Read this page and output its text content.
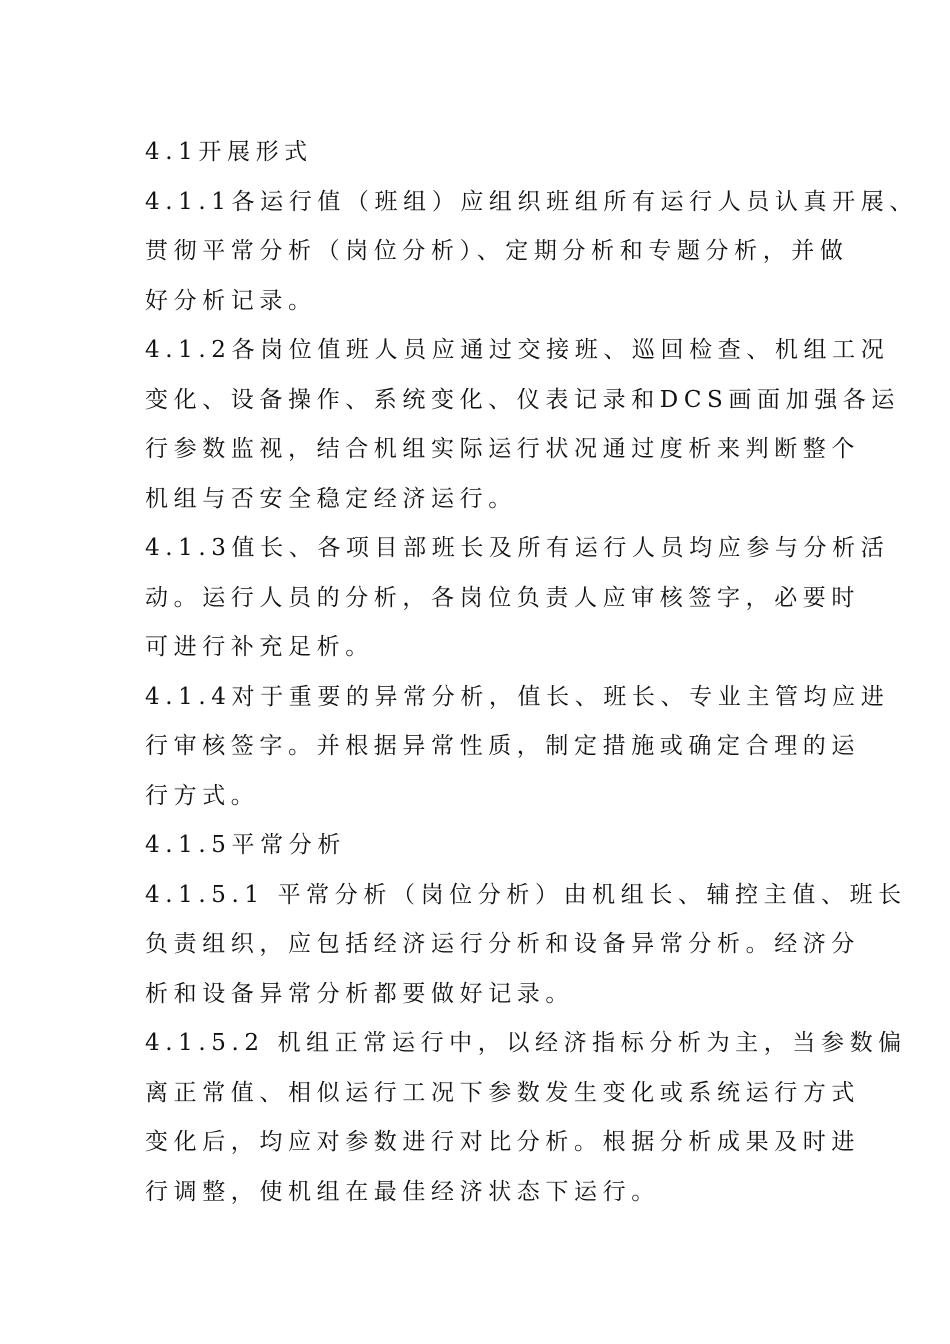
4.1开展形式
4.1.1各运行值（班组）应组织班组所有运行人员认真开展、
贯彻平常分析（岗位分析）、定期分析和专题分析，并做
好分析记录。
4.1.2各岗位值班人员应通过交接班、巡回检查、机组工况
变化、设备操作、系统变化、仪表记录和DCS画面加强各运
行参数监视，结合机组实际运行状况通过度析来判断整个
机组与否安全稳定经济运行。
4.1.3值长、各项目部班长及所有运行人员均应参与分析活
动。运行人员的分析，各岗位负责人应审核签字，必要时
可进行补充足析。
4.1.4对于重要的异常分析，值长、班长、专业主管均应进
行审核签字。并根据异常性质，制定措施或确定合理的运
行方式。
4.1.5平常分析
4.1.5.1 平常分析（岗位分析）由机组长、辅控主值、班长
负责组织，应包括经济运行分析和设备异常分析。经济分
析和设备异常分析都要做好记录。
4.1.5.2 机组正常运行中，以经济指标分析为主，当参数偏
离正常值、相似运行工况下参数发生变化或系统运行方式
变化后，均应对参数进行对比分析。根据分析成果及时进
行调整，使机组在最佳经济状态下运行。
